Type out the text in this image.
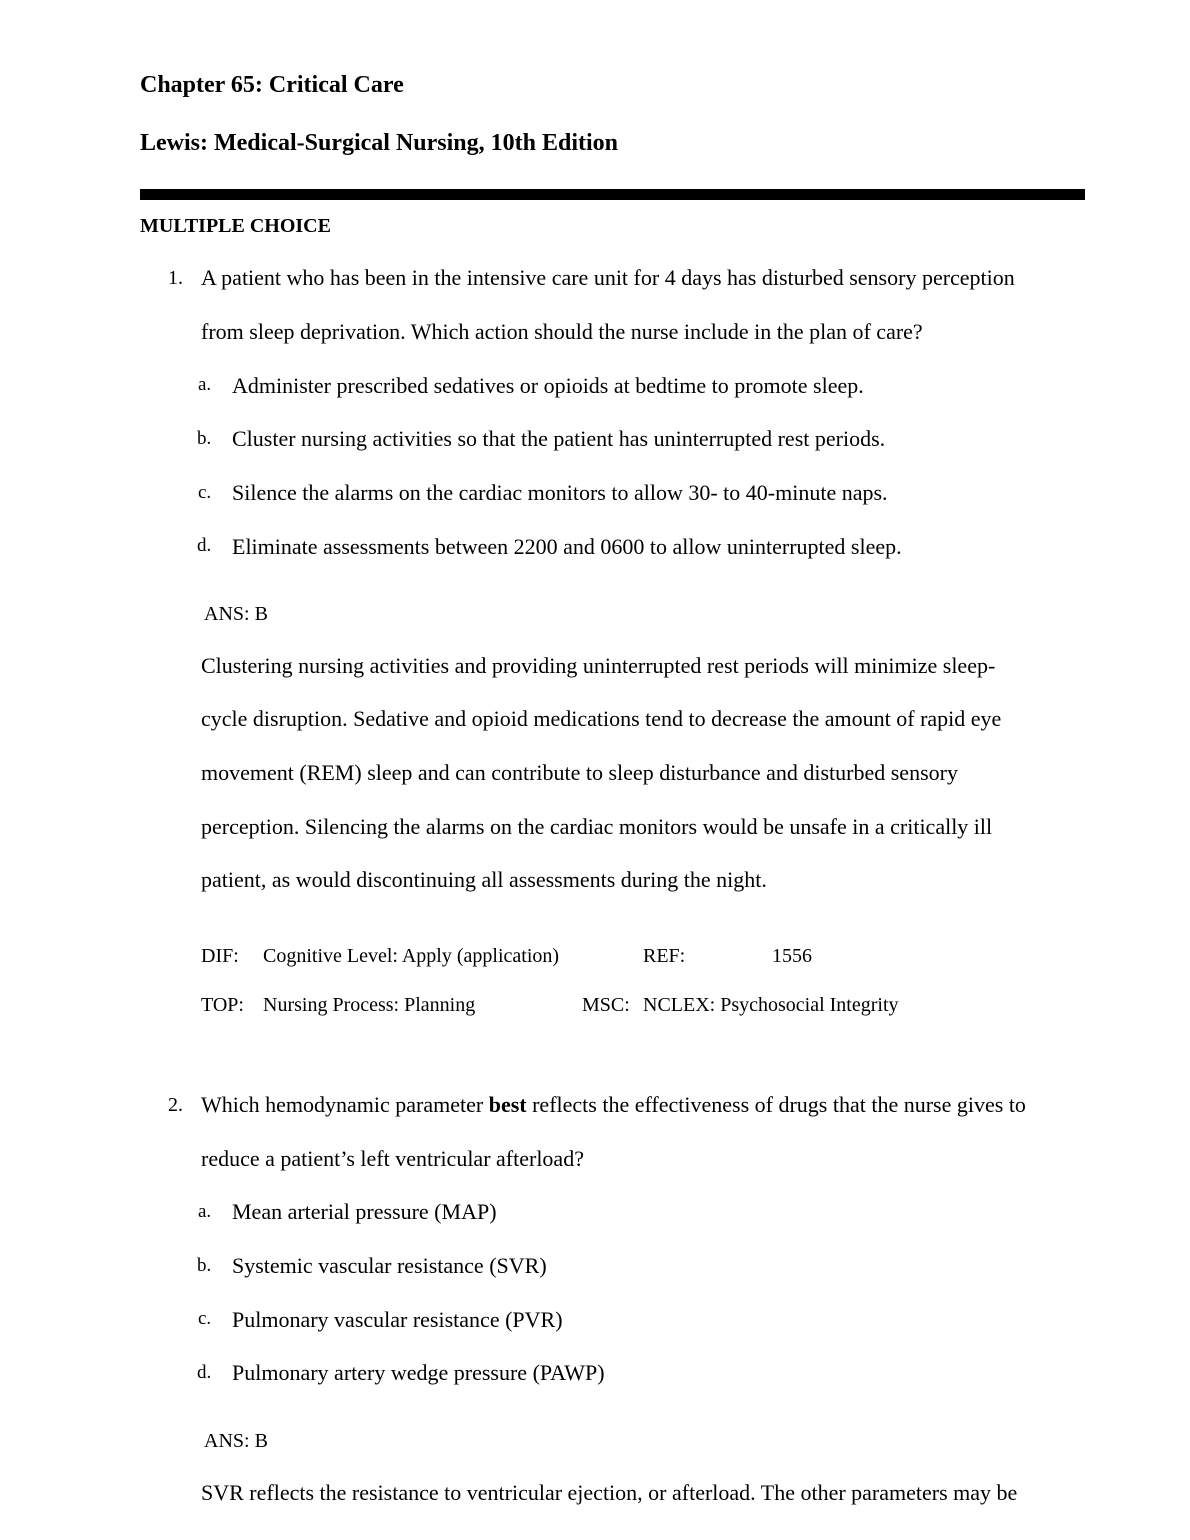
Chapter 65: Critical Care
Lewis: Medical-Surgical Nursing, 10th Edition
MULTIPLE CHOICE
1. A patient who has been in the intensive care unit for 4 days has disturbed sensory perception
from sleep deprivation. Which action should the nurse include in the plan of care?
a. Administer prescribed sedatives or opioids at bedtime to promote sleep.
b. Cluster nursing activities so that the patient has uninterrupted rest periods.
c. Silence the alarms on the cardiac monitors to allow 30- to 40-minute naps.
d. Eliminate assessments between 2200 and 0600 to allow uninterrupted sleep.
ANS: B
Clustering nursing activities and providing uninterrupted rest periods will minimize sleep-
cycle disruption. Sedative and opioid medications tend to decrease the amount of rapid eye
movement (REM) sleep and can contribute to sleep disturbance and disturbed sensory
perception. Silencing the alarms on the cardiac monitors would be unsafe in a critically ill
patient, as would discontinuing all assessments during the night.
DIF: Cognitive Level: Apply (application)	REF:	1556
TOP: Nursing Process: Planning	MSC: NCLEX: Psychosocial Integrity
2. Which hemodynamic parameter best reflects the effectiveness of drugs that the nurse gives to
reduce a patient’s left ventricular afterload?
a. Mean arterial pressure (MAP)
b. Systemic vascular resistance (SVR)
c. Pulmonary vascular resistance (PVR)
d. Pulmonary artery wedge pressure (PAWP)
ANS: B
SVR reflects the resistance to ventricular ejection, or afterload. The other parameters may be
